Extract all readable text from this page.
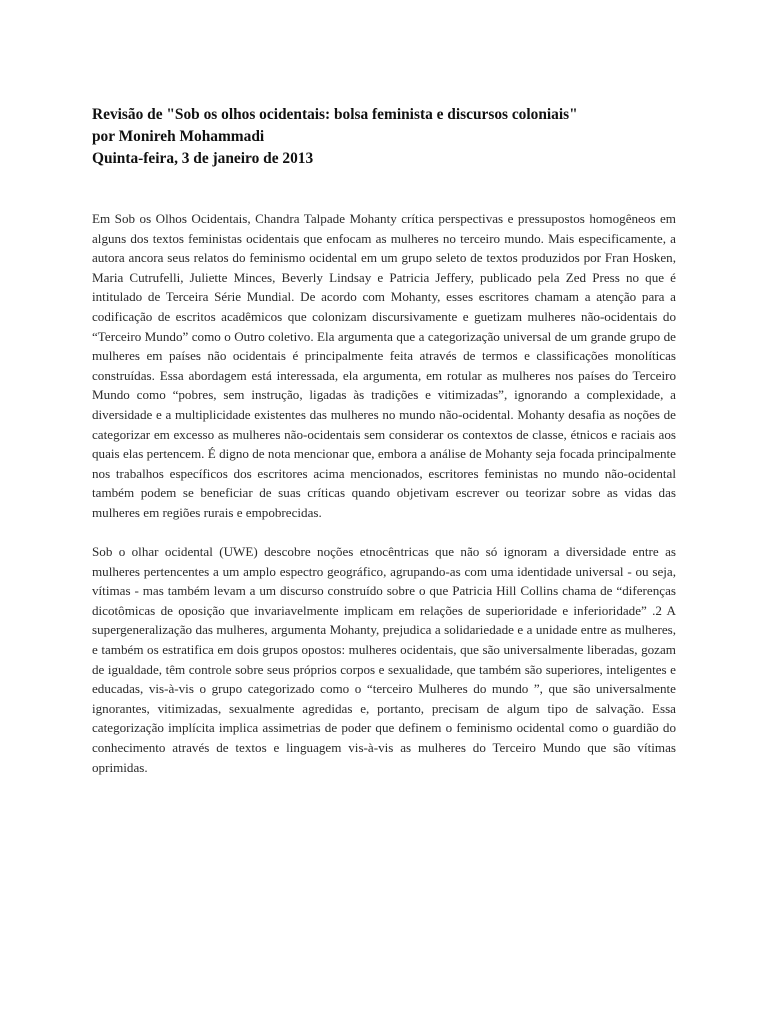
Revisão de "Sob os olhos ocidentais: bolsa feminista e discursos coloniais"
por Monireh Mohammadi
Quinta-feira, 3 de janeiro de 2013

Em Sob os Olhos Ocidentais, Chandra Talpade Mohanty crítica perspectivas e pressupostos homogêneos em alguns dos textos feministas ocidentais que enfocam as mulheres no terceiro mundo. Mais especificamente, a autora ancora seus relatos do feminismo ocidental em um grupo seleto de textos produzidos por Fran Hosken, Maria Cutrufelli, Juliette Minces, Beverly Lindsay e Patricia Jeffery, publicado pela Zed Press no que é intitulado de Terceira Série Mundial. De acordo com Mohanty, esses escritores chamam a atenção para a codificação de escritos acadêmicos que colonizam discursivamente e guetizam mulheres não-ocidentais do “Terceiro Mundo” como o Outro coletivo. Ela argumenta que a categorização universal de um grande grupo de mulheres em países não ocidentais é principalmente feita através de termos e classificações monolíticas construídas. Essa abordagem está interessada, ela argumenta, em rotular as mulheres nos países do Terceiro Mundo como “pobres, sem instrução, ligadas às tradições e vitimizadas”, ignorando a complexidade, a diversidade e a multiplicidade existentes das mulheres no mundo não-ocidental. Mohanty desafia as noções de categorizar em excesso as mulheres não-ocidentais sem considerar os contextos de classe, étnicos e raciais aos quais elas pertencem. É digno de nota mencionar que, embora a análise de Mohanty seja focada principalmente nos trabalhos específicos dos escritores acima mencionados, escritores feministas no mundo não-ocidental também podem se beneficiar de suas críticas quando objetivam escrever ou teorizar sobre as vidas das mulheres em regiões rurais e empobrecidas.

Sob o olhar ocidental (UWE) descobre noções etnocêntricas que não só ignoram a diversidade entre as mulheres pertencentes a um amplo espectro geográfico, agrupando-as com uma identidade universal - ou seja, vítimas - mas também levam a um discurso construído sobre o que Patricia Hill Collins chama de “diferenças dicotômicas de oposição que invariavelmente implicam em relações de superioridade e inferioridade” .2 A supergeneralização das mulheres, argumenta Mohanty, prejudica a solidariedade e a unidade entre as mulheres, e também os estratifica em dois grupos opostos: mulheres ocidentais, que são universalmente liberadas, gozam de igualdade, têm controle sobre seus próprios corpos e sexualidade, que também são superiores, inteligentes e educadas, vis-à-vis o grupo categorizado como o “terceiro Mulheres do mundo ”, que são universalmente ignorantes, vitimizadas, sexualmente agredidas e, portanto, precisam de algum tipo de salvação. Essa categorização implícita implica assimetrias de poder que definem o feminismo ocidental como o guardião do conhecimento através de textos e linguagem vis-à-vis as mulheres do Terceiro Mundo que são vítimas oprimidas.
